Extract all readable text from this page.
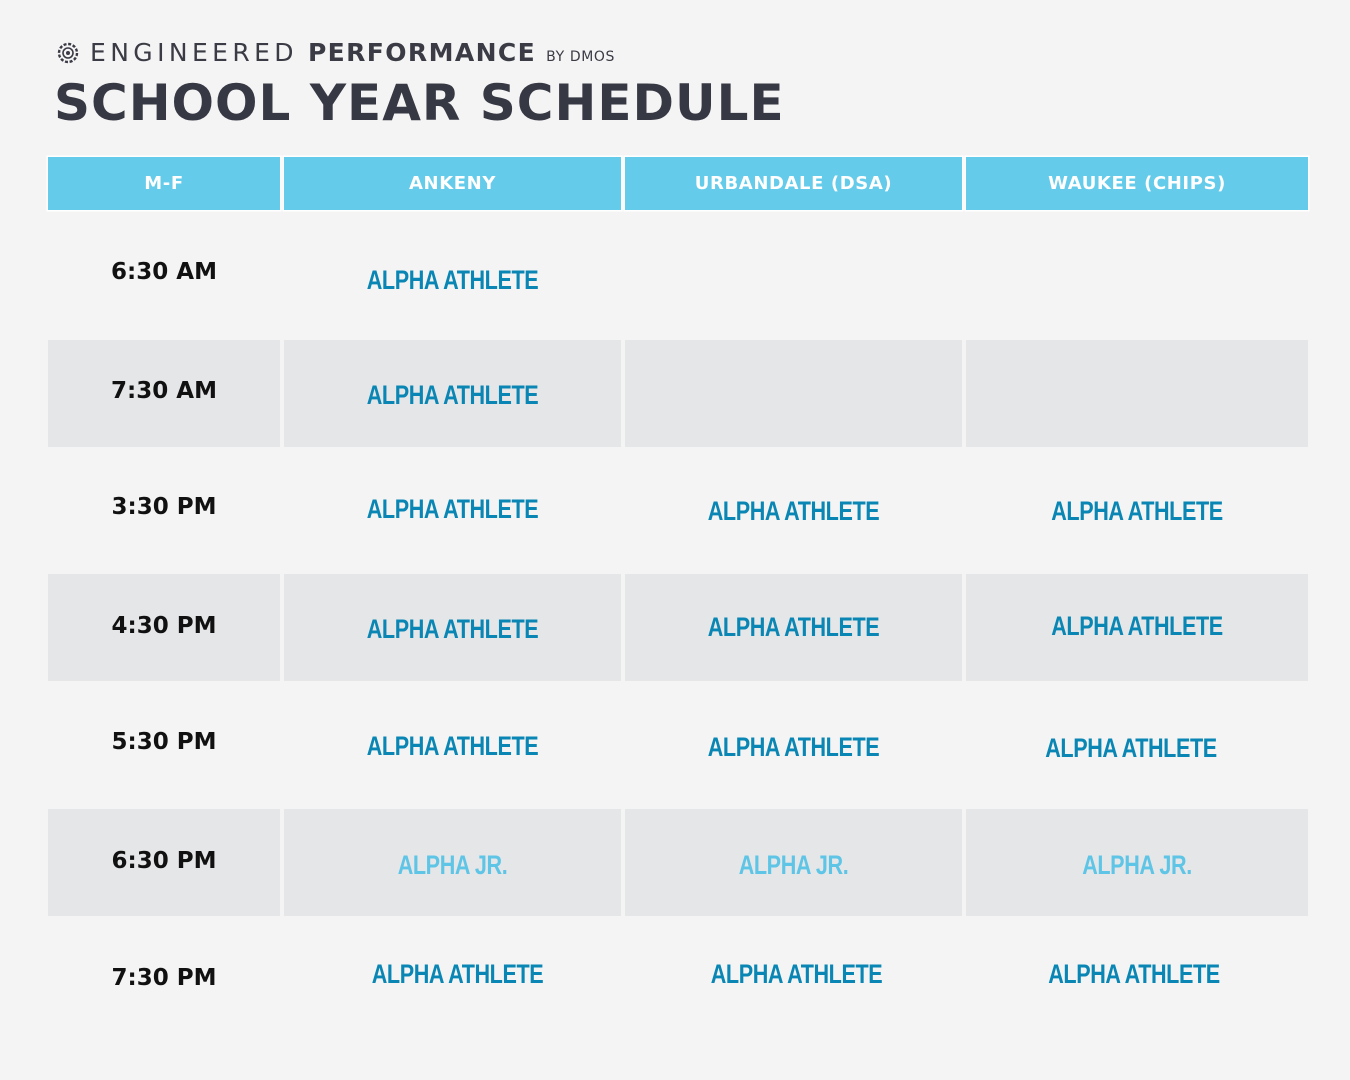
ENGINEERED PERFORMANCE BY DMOS
SCHOOL YEAR SCHEDULE
M-F	ANKENY	URBANDALE (DSA)	WAUKEE (CHIPS)
6:30 AM	ALPHA ATHLETE
7:30 AM	ALPHA ATHLETE
3:30 PM	ALPHA ATHLETE	ALPHA ATHLETE	ALPHA ATHLETE
4:30 PM	ALPHA ATHLETE	ALPHA ATHLETE	ALPHA ATHLETE
5:30 PM	ALPHA ATHLETE	ALPHA ATHLETE	ALPHA ATHLETE
6:30 PM	ALPHA JR.	ALPHA JR.	ALPHA JR.
7:30 PM	ALPHA ATHLETE	ALPHA ATHLETE	ALPHA ATHLETE
